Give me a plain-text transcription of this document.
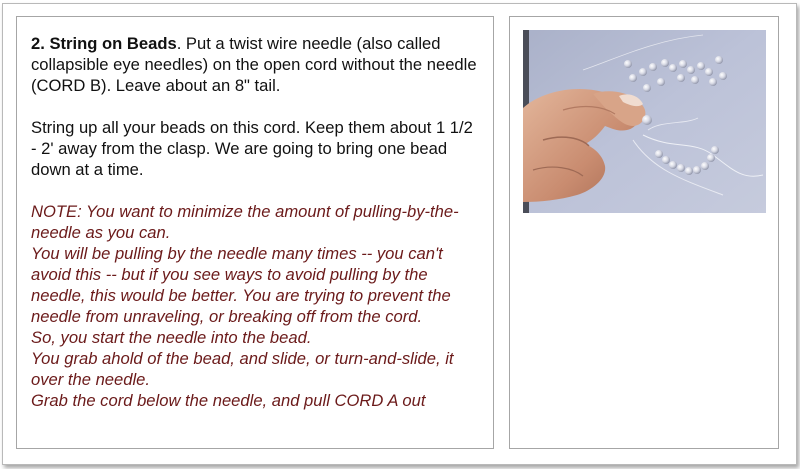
2. String on Beads. Put a twist wire needle (also called collapsible eye needles) on the open cord without the needle (CORD B). Leave about an 8" tail.

String up all your beads on this cord. Keep them about 1 1/2 - 2' away from the clasp. We are going to bring one bead down at a time.

NOTE: You want to minimize the amount of pulling-by-the-needle as you can.

You will be pulling by the needle many times -- you can't avoid this -- but if you see ways to avoid pulling by the needle, this would be better. You are trying to prevent the needle from unraveling, or breaking off from the cord.

So, you start the needle into the bead.

You grab ahold of the bead, and slide, or turn-and-slide, it over the needle.

Grab the cord below the needle, and pull CORD A out
